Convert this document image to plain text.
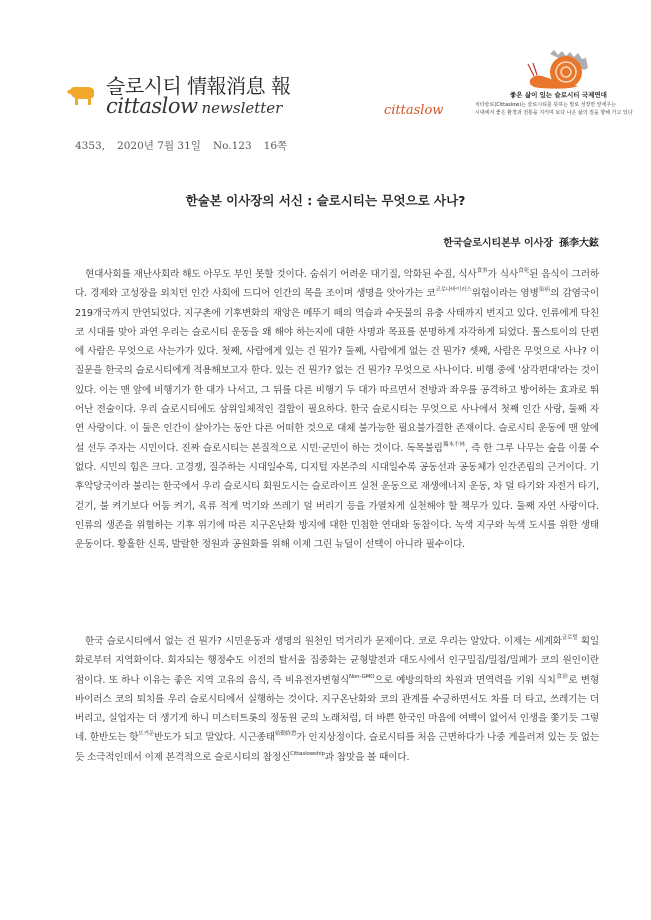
슬로시티 情報消息 報
cittaslow newsletter
좋은 삶이 있는 슬로시티 국제연대
cittaslow	치타슬로(Cittaslow)는 슬로시티를 뜻하는 말로 성장만 앞세우는
시대에서 좋은 환경과 전통을 지키며 보다 나은 삶의 질을 향해 가고 있다
4353, 2020년 7월 31일 No.123 16쪽
한술본 이사장의 서신 : 슬로시티는 무엇으로 사나?
한국슬로시티본부 이사장 孫李大鉉

현대사회를 재난사회라 해도 아무도 부인 못할 것이다. 숨쉬기 어려운 대기질, 악화된 수질, 식사$^{食事}$가 식사$^{食死}$된 음식이 그러하다. 경제와 고성장을 외치던 인간 사회에 드디어 인간의 목을 조이며 생명을 앗아가는 코$^{코로나바이러스}$위험이라는 염병$^{染病}$의 감염국이 219개국까지 만연되었다. 지구촌에 기후변화의 재앙은 메뚜기 떼의 역습과 수돗물의 유충 사태까지 번지고 있다. 인류에게 닥친 코 시대를 맞아 과연 우리는 슬로시티 운동을 왜 해야 하는지에 대한 사명과 목표를 분명하게 자각하게 되었다. 톨스토이의 단편에 사람은 무엇으로 사는가가 있다. 첫째, 사람에게 있는 건 뭔가? 둘째, 사람에게 없는 건 뭔가? 셋째, 사람은 무엇으로 사나? 이 질문을 한국의 슬로시티에게 적용해보고자 한다. 있는 건 뭔가? 없는 건 뭔가? 무엇으로 사나이다. 비행 중에 '삼각편대'라는 것이 있다. 이는 맨 앞에 비행기가 한 대가 나서고, 그 뒤를 다른 비행기 두 대가 따르면서 전방과 좌우를 공격하고 방어하는 효과로 뛰어난 전술이다. 우리 슬로시티에도 삼위일체적인 결합이 필요하다. 한국 슬로시티는 무엇으로 사나에서 첫째 인간 사랑, 둘째 자연 사랑이다. 이 둘은 인간이 살아가는 동안 다른 어떠한 것으로 대체 불가능한 필요불가결한 존재이다. 슬로시티 운동에 맨 앞에 설 선두 주자는 시민이다. 진짜 슬로시티는 본질적으로 시민·군민이 하는 것이다. 독목불림$^{獨木不林}$, 즉 한 그루 나무는 숲을 이룰 수 없다. 시민의 힘은 크다. 고경쟁, 질주하는 시대일수록, 디지털 자본주의 시대일수록 공동선과 공동체가 인간존립의 근거이다. 기후악당국이라 불리는 한국에서 우리 슬로시티 회원도시는 슬로라이프 실천 운동으로 재생에너지 운동, 차 덜 타기와 자전거 타기, 걷기, 불 켜기보다 어둠 켜기, 육류 적게 먹기와 쓰레기 덜 버리기 등을 가열차게 실천해야 할 책무가 있다. 둘째 자연 사랑이다. 인류의 생존을 위협하는 기후 위기에 따른 지구온난화 방지에 대한 민첩한 연대와 동참이다. 녹색 지구와 녹색 도시를 위한 생태운동이다. 황홀한 신록, 발랄한 정원과 공원화를 위해 이제 그린 뉴딜이 선택이 아니라 필수이다.

한국 슬로시티에서 없는 건 뭔가? 시민운동과 생명의 원천인 먹거리가 문제이다. 코로 우리는 알았다. 이제는 세계화$^{글로벌}$ 획일화로부터 지역화이다. 회자되는 행정수도 이전의 탈서울 집중화는 균형발전과 대도시에서 인구밀집/밀접/밀폐가 코의 원인이란 점이다. 또 하나 이유는 좋은 지역 고유의 음식, 즉 비유전자변형식$^{Non-GMO}$으로 예방의학의 차원과 면역력을 키워 식치$^{食治}$로 변형 바이러스 코의 퇴치를 우리 슬로시티에서 실행하는 것이다. 지구온난화와 코의 관계를 수긍하면서도 차를 더 타고, 쓰레기는 더 버리고, 실업자는 더 생기게 하니 미스터트롯의 정동원 군의 노래처럼, 더 바쁜 한국인 마음에 여백이 없어서 인생을 쫓기듯 그렇네. 한반도는 핫$^{뜨거운}$반도가 되고 말았다. 시근종태$^{始勤終怠}$가 인지상정이다. 슬로시티를 처음 근면하다가 나중 게을러져 있는 듯 없는 듯 소극적인데서 이제 본격적으로 슬로시티의 참정신$^{Cittaslowship}$과 참맛을 볼 때이다.
